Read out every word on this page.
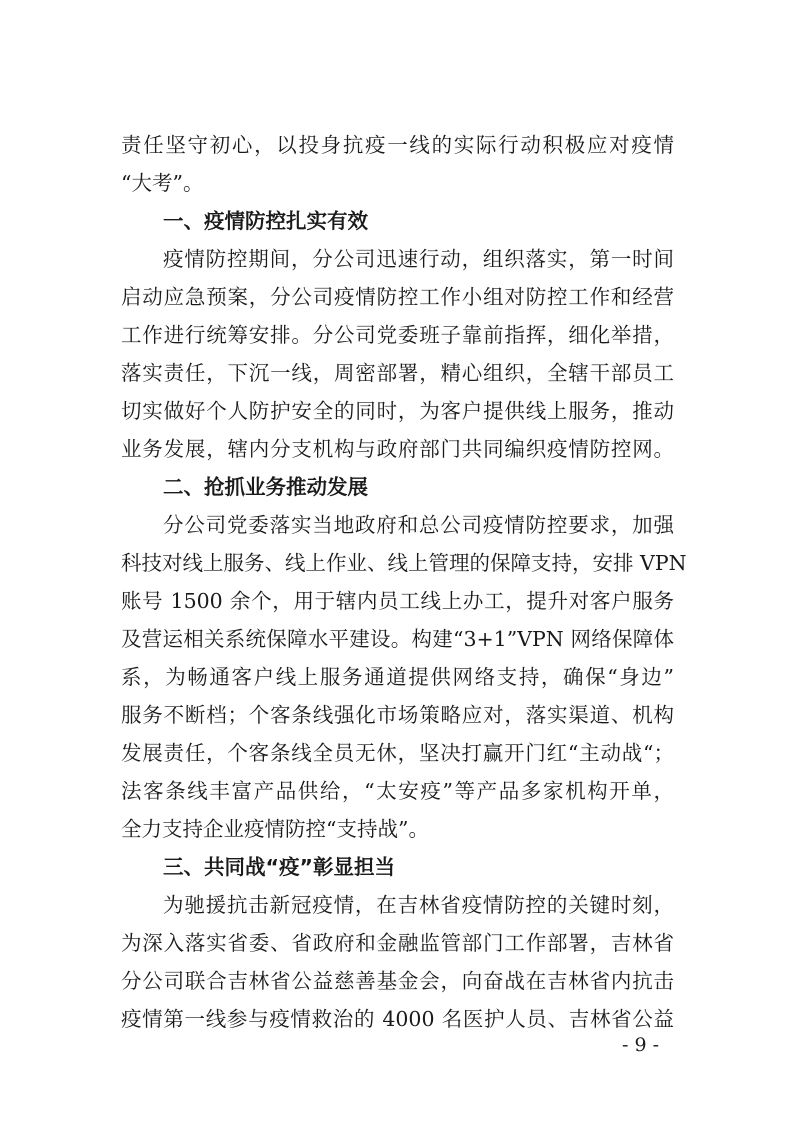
责任坚守初心，以投身抗疫一线的实际行动积极应对疫情
“大考”。
一、疫情防控扎实有效
疫情防控期间，分公司迅速行动，组织落实，第一时间
启动应急预案，分公司疫情防控工作小组对防控工作和经营
工作进行统筹安排。分公司党委班子靠前指挥，细化举措，
落实责任，下沉一线，周密部署，精心组织，全辖干部员工
切实做好个人防护安全的同时，为客户提供线上服务，推动
业务发展，辖内分支机构与政府部门共同编织疫情防控网。
二、抢抓业务推动发展
分公司党委落实当地政府和总公司疫情防控要求，加强
科技对线上服务、线上作业、线上管理的保障支持，安排 VPN
账号 1500 余个，用于辖内员工线上办工，提升对客户服务
及营运相关系统保障水平建设。构建“3+1”VPN 网络保障体
系，为畅通客户线上服务通道提供网络支持，确保“身边”
服务不断档；个客条线强化市场策略应对，落实渠道、机构
发展责任，个客条线全员无休，坚决打赢开门红“主动战“；
法客条线丰富产品供给，“太安疫”等产品多家机构开单，
全力支持企业疫情防控“支持战”。
三、共同战“疫”彰显担当
为驰援抗击新冠疫情，在吉林省疫情防控的关键时刻，
为深入落实省委、省政府和金融监管部门工作部署，吉林省
分公司联合吉林省公益慈善基金会，向奋战在吉林省内抗击
疫情第一线参与疫情救治的 4000 名医护人员、吉林省公益
- 9 -
